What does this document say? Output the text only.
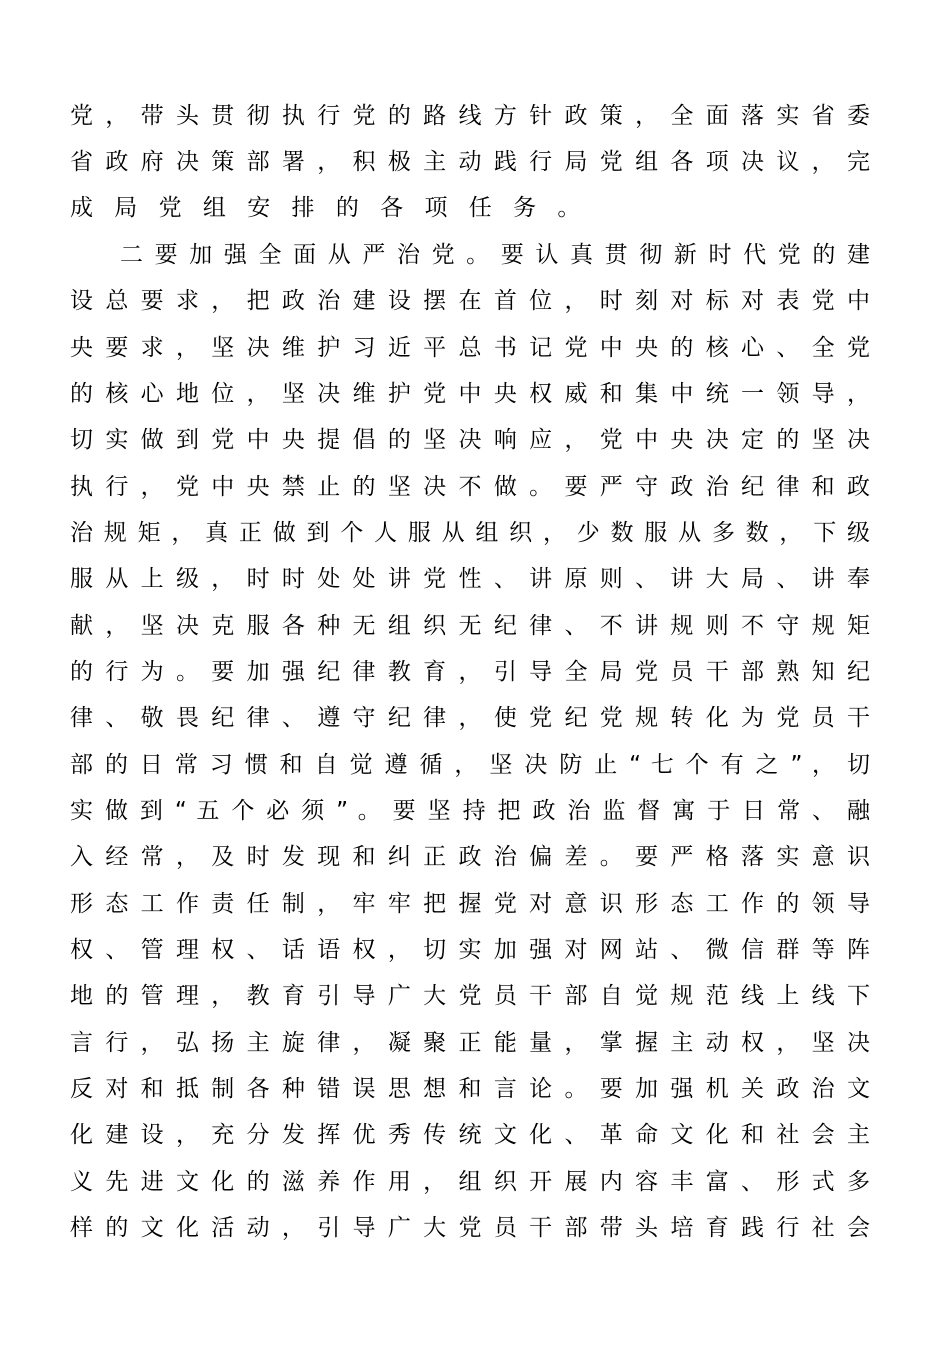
党 ， 带 头 贯 彻 执 行 党 的 路 线 方 针 政 策 ， 全 面 落 实 省 委
省 政 府 决 策 部 署 ， 积 极 主 动 践 行 局 党 组 各 项 决 议 ， 完
成 局 党 组 安 排 的 各 项 任 务 。
二 要 加 强 全 面 从 严 治 党 。 要 认 真 贯 彻 新 时 代 党 的 建
设 总 要 求 ， 把 政 治 建 设 摆 在 首 位 ， 时 刻 对 标 对 表 党 中
央 要 求 ， 坚 决 维 护 习 近 平 总 书 记 党 中 央 的 核 心 、 全 党
的 核 心 地 位 ， 坚 决 维 护 党 中 央 权 威 和 集 中 统 一 领 导 ，
切 实 做 到 党 中 央 提 倡 的 坚 决 响 应 ， 党 中 央 决 定 的 坚 决
执 行 ， 党 中 央 禁 止 的 坚 决 不 做 。 要 严 守 政 治 纪 律 和 政
治 规 矩 ， 真 正 做 到 个 人 服 从 组 织 ， 少 数 服 从 多 数 ， 下 级
服 从 上 级 ， 时 时 处 处 讲 党 性 、 讲 原 则 、 讲 大 局 、 讲 奉
献 ， 坚 决 克 服 各 种 无 组 织 无 纪 律 、 不 讲 规 则 不 守 规 矩
的 行 为 。 要 加 强 纪 律 教 育 ， 引 导 全 局 党 员 干 部 熟 知 纪
律 、 敬 畏 纪 律 、 遵 守 纪 律 ， 使 党 纪 党 规 转 化 为 党 员 干
部 的 日 常 习 惯 和 自 觉 遵 循 ， 坚 决 防 止 “ 七 个 有 之 ” ， 切
实 做 到 “ 五 个 必 须 ” 。 要 坚 持 把 政 治 监 督 寓 于 日 常 、 融
入 经 常 ， 及 时 发 现 和 纠 正 政 治 偏 差 。 要 严 格 落 实 意 识
形 态 工 作 责 任 制 ， 牢 牢 把 握 党 对 意 识 形 态 工 作 的 领 导
权 、 管 理 权 、 话 语 权 ， 切 实 加 强 对 网 站 、 微 信 群 等 阵
地 的 管 理 ， 教 育 引 导 广 大 党 员 干 部 自 觉 规 范 线 上 线 下
言 行 ， 弘 扬 主 旋 律 ， 凝 聚 正 能 量 ， 掌 握 主 动 权 ， 坚 决
反 对 和 抵 制 各 种 错 误 思 想 和 言 论 。 要 加 强 机 关 政 治 文
化 建 设 ， 充 分 发 挥 优 秀 传 统 文 化 、 革 命 文 化 和 社 会 主
义 先 进 文 化 的 滋 养 作 用 ， 组 织 开 展 内 容 丰 富 、 形 式 多
样 的 文 化 活 动 ， 引 导 广 大 党 员 干 部 带 头 培 育 践 行 社 会
